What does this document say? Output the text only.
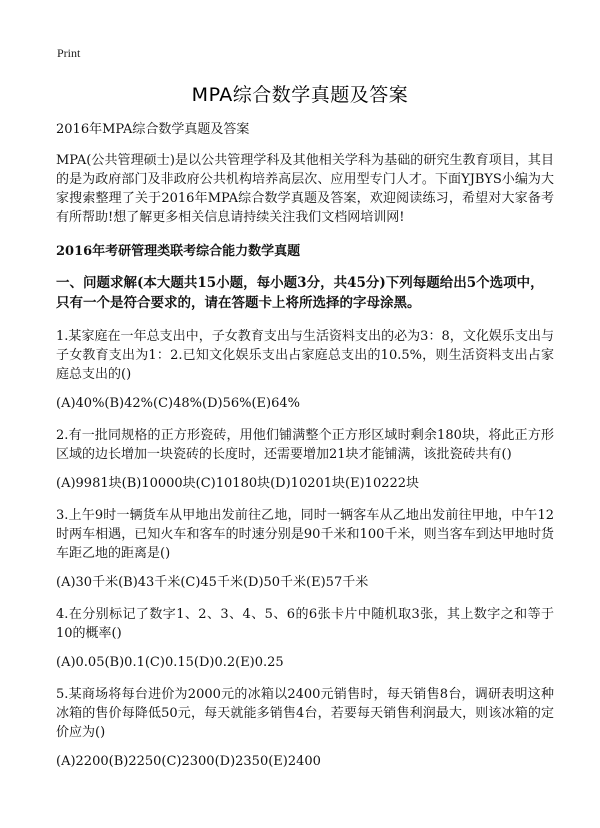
Print
MPA综合数学真题及答案

2016年MPA综合数学真题及答案

MPA(公共管理硕士)是以公共管理学科及其他相关学科为基础的研究生教育项目，其目的是为政府部门及非政府公共机构培养高层次、应用型专门人才。下面YJBYS小编为大家搜索整理了关于2016年MPA综合数学真题及答案，欢迎阅读练习，希望对大家备考有所帮助!想了解更多相关信息请持续关注我们文档网培训网!

2016年考研管理类联考综合能力数学真题

一、问题求解(本大题共15小题，每小题3分，共45分)下列每题给出5个选项中，只有一个是符合要求的，请在答题卡上将所选择的字母涂黑。

1.某家庭在一年总支出中，子女教育支出与生活资料支出的必为3：8，文化娱乐支出与子女教育支出为1：2.已知文化娱乐支出占家庭总支出的10.5%，则生活资料支出占家庭总支出的()

(A)40%(B)42%(C)48%(D)56%(E)64%

2.有一批同规格的正方形瓷砖，用他们铺满整个正方形区域时剩余180块，将此正方形区域的边长增加一块瓷砖的长度时，还需要增加21块才能铺满，该批瓷砖共有()

(A)9981块(B)10000块(C)10180块(D)10201块(E)10222块

3.上午9时一辆货车从甲地出发前往乙地，同时一辆客车从乙地出发前往甲地，中午12时两车相遇，已知火车和客车的时速分别是90千米和100千米，则当客车到达甲地时货车距乙地的距离是()

(A)30千米(B)43千米(C)45千米(D)50千米(E)57千米

4.在分别标记了数字1、2、3、4、5、6的6张卡片中随机取3张，其上数字之和等于10的概率()

(A)0.05(B)0.1(C)0.15(D)0.2(E)0.25

5.某商场将每台进价为2000元的冰箱以2400元销售时，每天销售8台，调研表明这种冰箱的售价每降低50元，每天就能多销售4台，若要每天销售利润最大，则该冰箱的定价应为()

(A)2200(B)2250(C)2300(D)2350(E)2400
